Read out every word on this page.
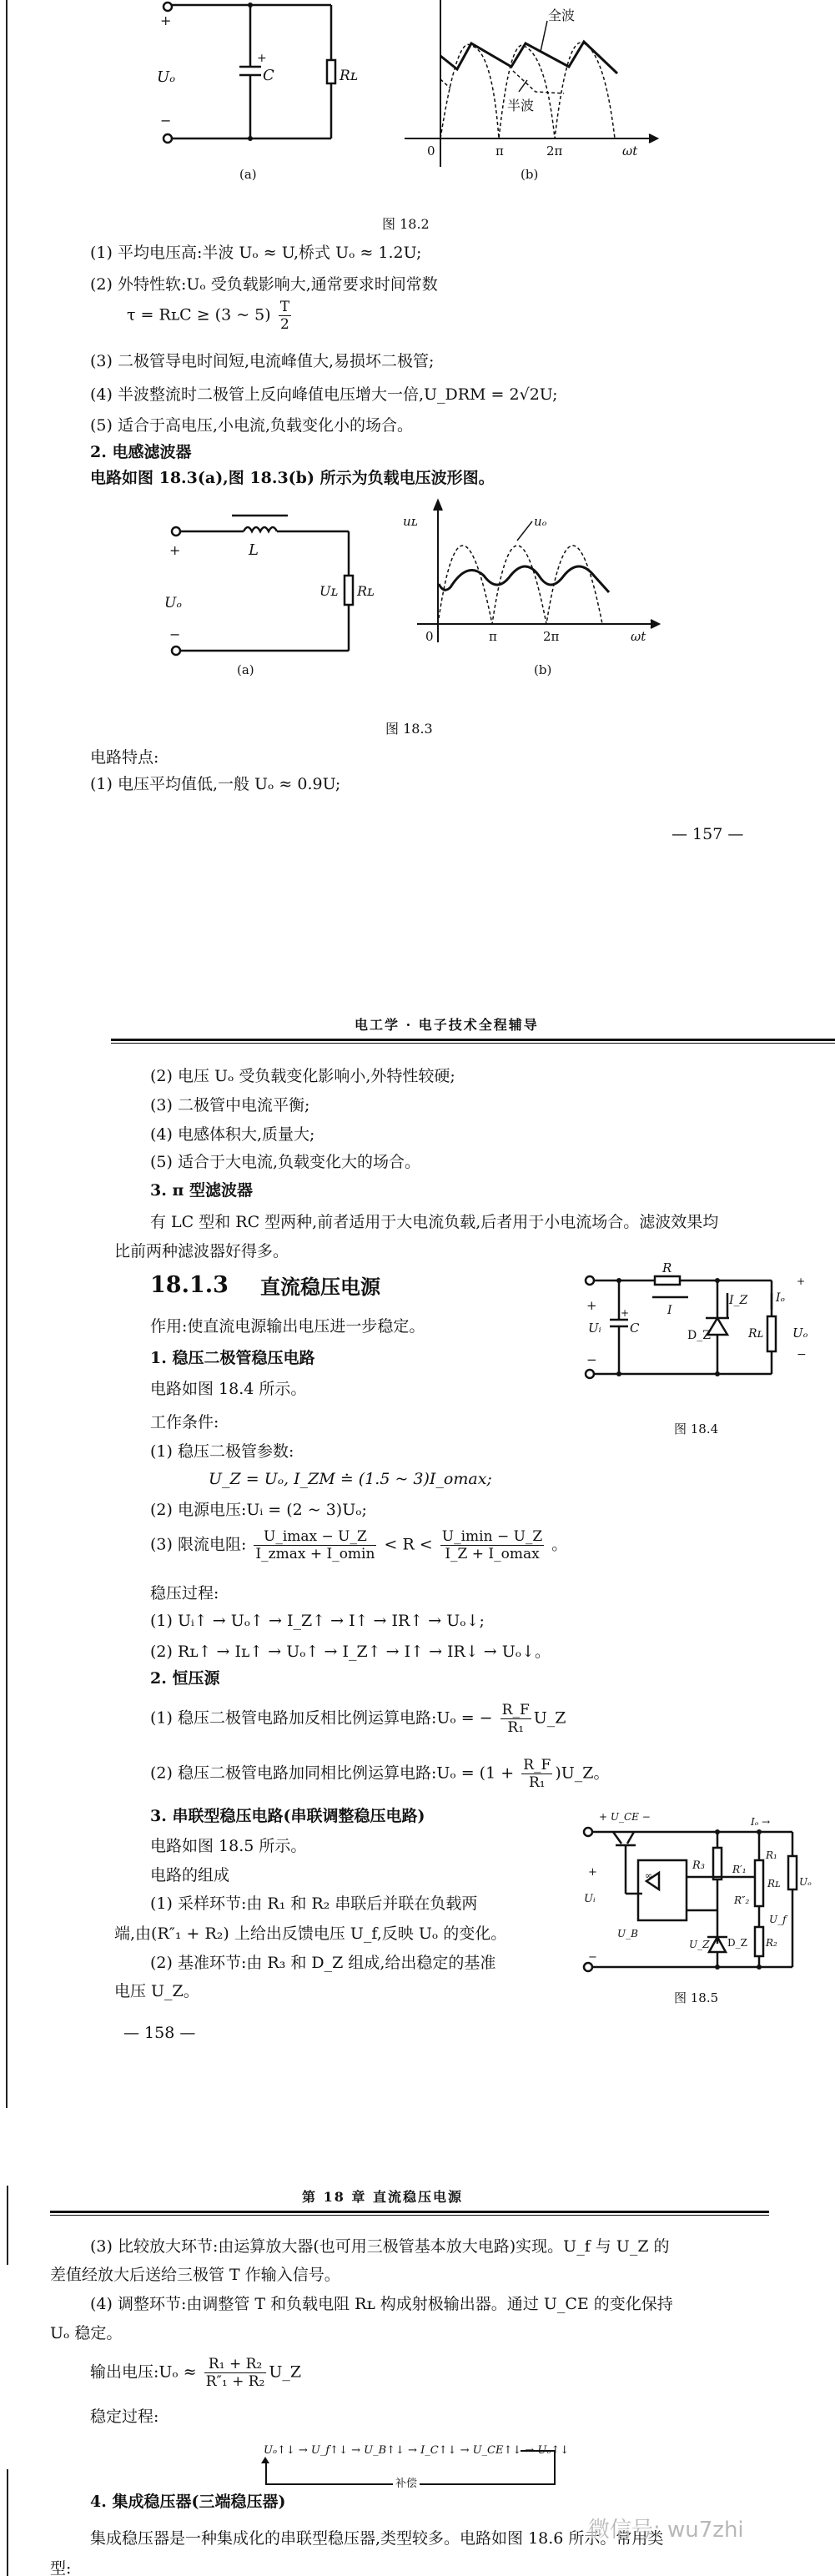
+
Uₒ
−
+
C	Rʟ
(a)
全波
半波
0	π	2π	ωt
(b)
图 18.2
(1) 平均电压高:半波 Uₒ ≈ U,桥式 Uₒ ≈ 1.2U;
(2) 外特性软:Uₒ 受负载影响大,通常要求时间常数
τ = RʟC ≥ (3 ~ $5) \frac{T}{2}$
(3) 二极管导电时间短,电流峰值大,易损坏二极管;
(4) 半波整流时二极管上反向峰值电压增大一倍,U_DRM = 2√2U;
(5) 适合于高电压,小电流,负载变化小的场合。
2. 电感滤波器
电路如图 18.3(a),图 18.3(b) 所示为负载电压波形图。
+	L
Uₒ
−
Uʟ Rʟ
(a)
uʟ	uₒ
0	π	2π	ωt
(b)
图 18.3
电路特点:
(1) 电压平均值低,一般 Uₒ ≈ 0.9U;
— 157 —
电工学 · 电子技术全程辅导
(2) 电压 Uₒ 受负载变化影响小,外特性较硬;
(3) 二极管中电流平衡;
(4) 电感体积大,质量大;
(5) 适合于大电流,负载变化大的场合。
3. π 型滤波器
有 LC 型和 RC 型两种,前者适用于大电流负载,后者用于小电流场合。滤波效果均
比前两种滤波器好得多。
18.1.3 直流稳压电源
作用:使直流电源输出电压进一步稳定。
1. 稳压二极管稳压电路
电路如图 18.4 所示。
R
I
I_Z Iₒ
+
−
Uᵢ
+
C	D_Z	Rʟ
+
Uₒ
−
图 18.4
工作条件:
(1) 稳压二极管参数:
U_Z = Uₒ, I_ZM ≐ (1.5 ~ 3)I_omax;
(2) 电源电压:Uᵢ = (2 ~ 3)Uₒ;
(3) 限流电阻: $\frac{U\_imax - U\_Z}{I\_zmax + I\_omin} < R < \frac{U\_imin - U\_Z}{I\_Z + I\_omax}$ 。
稳压过程:
(1) Uᵢ↑ → Uₒ↑ → I_Z↑ → I↑ → IR↑ → Uₒ↓;
(2) Rʟ↑ → Iʟ↑ → Uₒ↑ → I_Z↑ → I↑ → IR↓ → Uₒ↓。
2. 恒压源
(1) 稳压二极管电路加反相比例运算电路:Uₒ = − $\frac{R\_F}{\text{R₁}}$ U_Z
(2) 稳压二极管电路加同相比例运算电路:Uₒ = ($1 + \frac{R\_F}{\text{R₁}}$ )U_Z。
3. 串联型稳压电路(串联调整稳压电路)
电路如图 18.5 所示。
电路的组成
(1) 采样环节:由 R₁ 和 R₂ 串联后并联在负载两
端,由(R″₁ + R₂) 上给出反馈电压 U_f,反映 Uₒ 的变化。
(2) 基准环节:由 R₃ 和 D_Z 组成,给出稳定的基准
电压 U_Z。
+ U_CE −	Iₒ →
+
Uᵢ
−
R₃
∞
R₁
R′₁
R″₂
Rʟ Uₒ
U_f
U_B
U_Z D_Z R₂
图 18.5
— 158 —
第 18 章 直流稳压电源
(3) 比较放大环节:由运算放大器(也可用三极管基本放大电路)实现。U_f 与 U_Z 的
差值经放大后送给三极管 T 作输入信号。
(4) 调整环节:由调整管 T 和负载电阻 Rʟ 构成射极输出器。通过 U_CE 的变化保持
Uₒ 稳定。
输出电压:Uₒ ≈ $\frac{\text{R₁ + R₂}}{\text{R″₁ + R₂}}$ U_Z
稳定过程:
Uₒ↑↓ → U_f↑↓ → U_B↑↓ → I_C↑↓ → U_CE↑↓ → Uₒ↑↓
补偿
4. 集成稳压器(三端稳压器)
集成稳压器是一种集成化的串联型稳压器,类型较多。电路如图 18.6 所示。常用类
型:
微信号: wu7zhi
